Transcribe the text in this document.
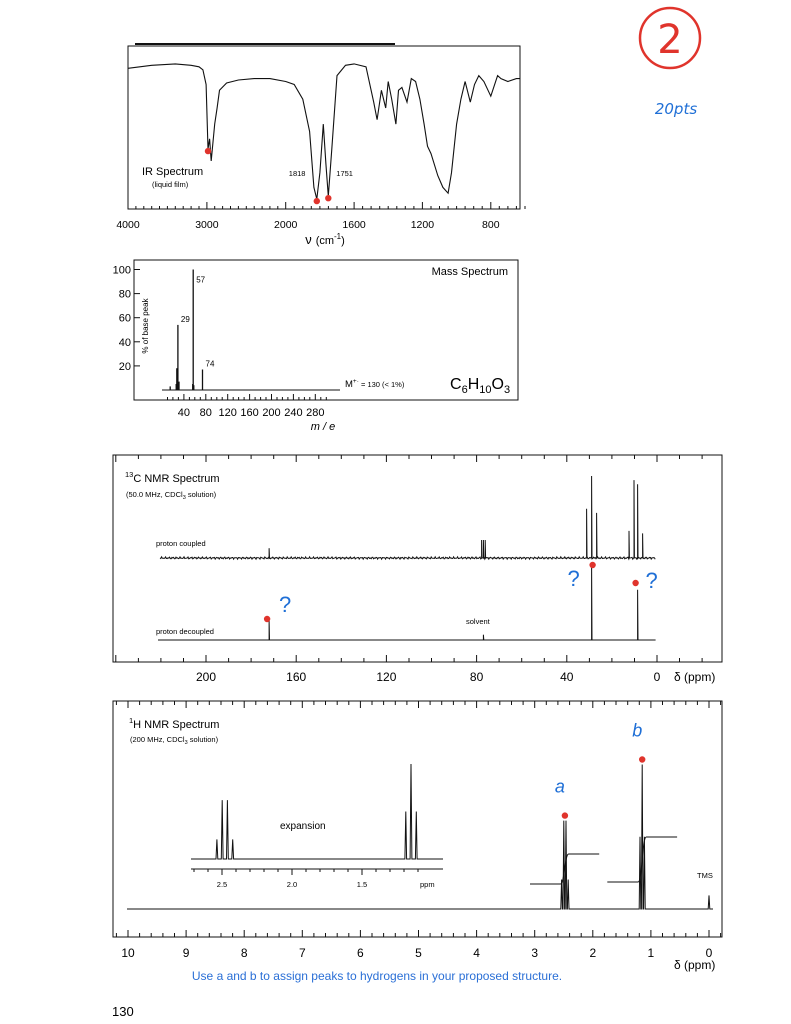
2
20pts
1818	1751
IR Spectrum
(liquid film)
4000	3000	2000	1600	1200	800
ν $(cm^{-1})$
20
40
60
80
100
40 80 120 160 200 240 280
29
57
74
% of base peak
Mass Spectrum
M+· $_{= 130 (< 1\%)}$	$C_6H_{10}O_3$
m / e
$^{13}$C NMR Spectrum
(50.0 MHz, CDCl$_3$ solution)
proton coupled
proton decoupled
solvent
?
?	?
200	160	120	80	40	0 δ (ppm)
$^1$H NMR Spectrum
(200 MHz, CDCl$_3$ solution)
2.5	2.0	1.5
expansion
ppm
TMS
a
b
10	9	8	7	6	5	4	3	2	1	0
δ (ppm)
Use a and b to assign peaks to hydrogens in your proposed structure.
130
